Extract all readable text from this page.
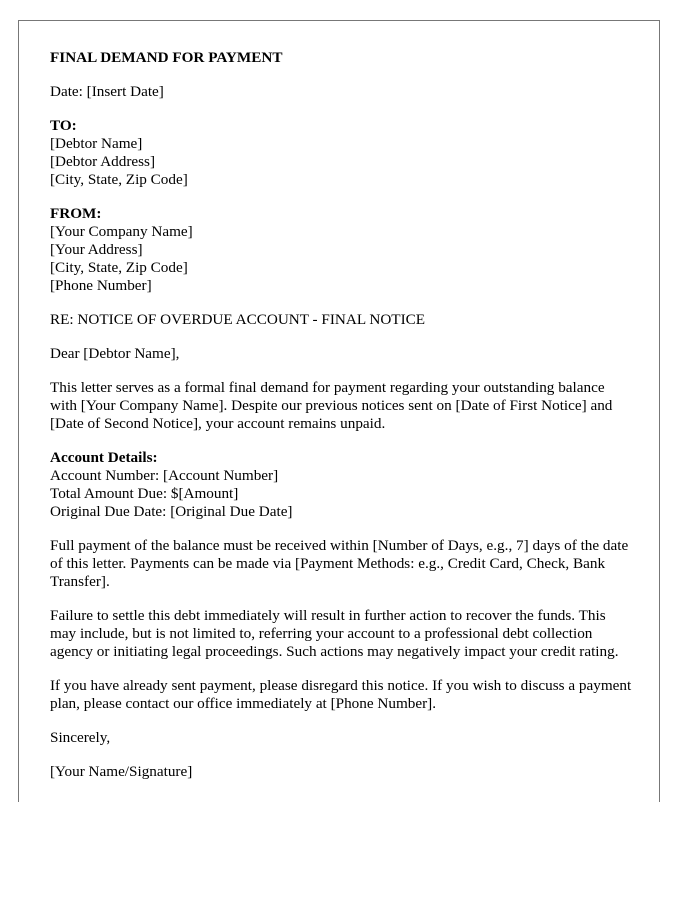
FINAL DEMAND FOR PAYMENT
Date: [Insert Date]
TO:
[Debtor Name]
[Debtor Address]
[City, State, Zip Code]
FROM:
[Your Company Name]
[Your Address]
[City, State, Zip Code]
[Phone Number]
RE: NOTICE OF OVERDUE ACCOUNT - FINAL NOTICE
Dear [Debtor Name],

This letter serves as a formal final demand for payment regarding your outstanding balance with [Your Company Name]. Despite our previous notices sent on [Date of First Notice] and [Date of Second Notice], your account remains unpaid.

Account Details:
Account Number: [Account Number]
Total Amount Due: $[Amount]
Original Due Date: [Original Due Date]

Full payment of the balance must be received within [Number of Days, e.g., 7] days of the date of this letter. Payments can be made via [Payment Methods: e.g., Credit Card, Check, Bank Transfer].

Failure to settle this debt immediately will result in further action to recover the funds. This may include, but is not limited to, referring your account to a professional debt collection agency or initiating legal proceedings. Such actions may negatively impact your credit rating.

If you have already sent payment, please disregard this notice. If you wish to discuss a payment plan, please contact our office immediately at [Phone Number].

Sincerely,
[Your Name/Signature]
